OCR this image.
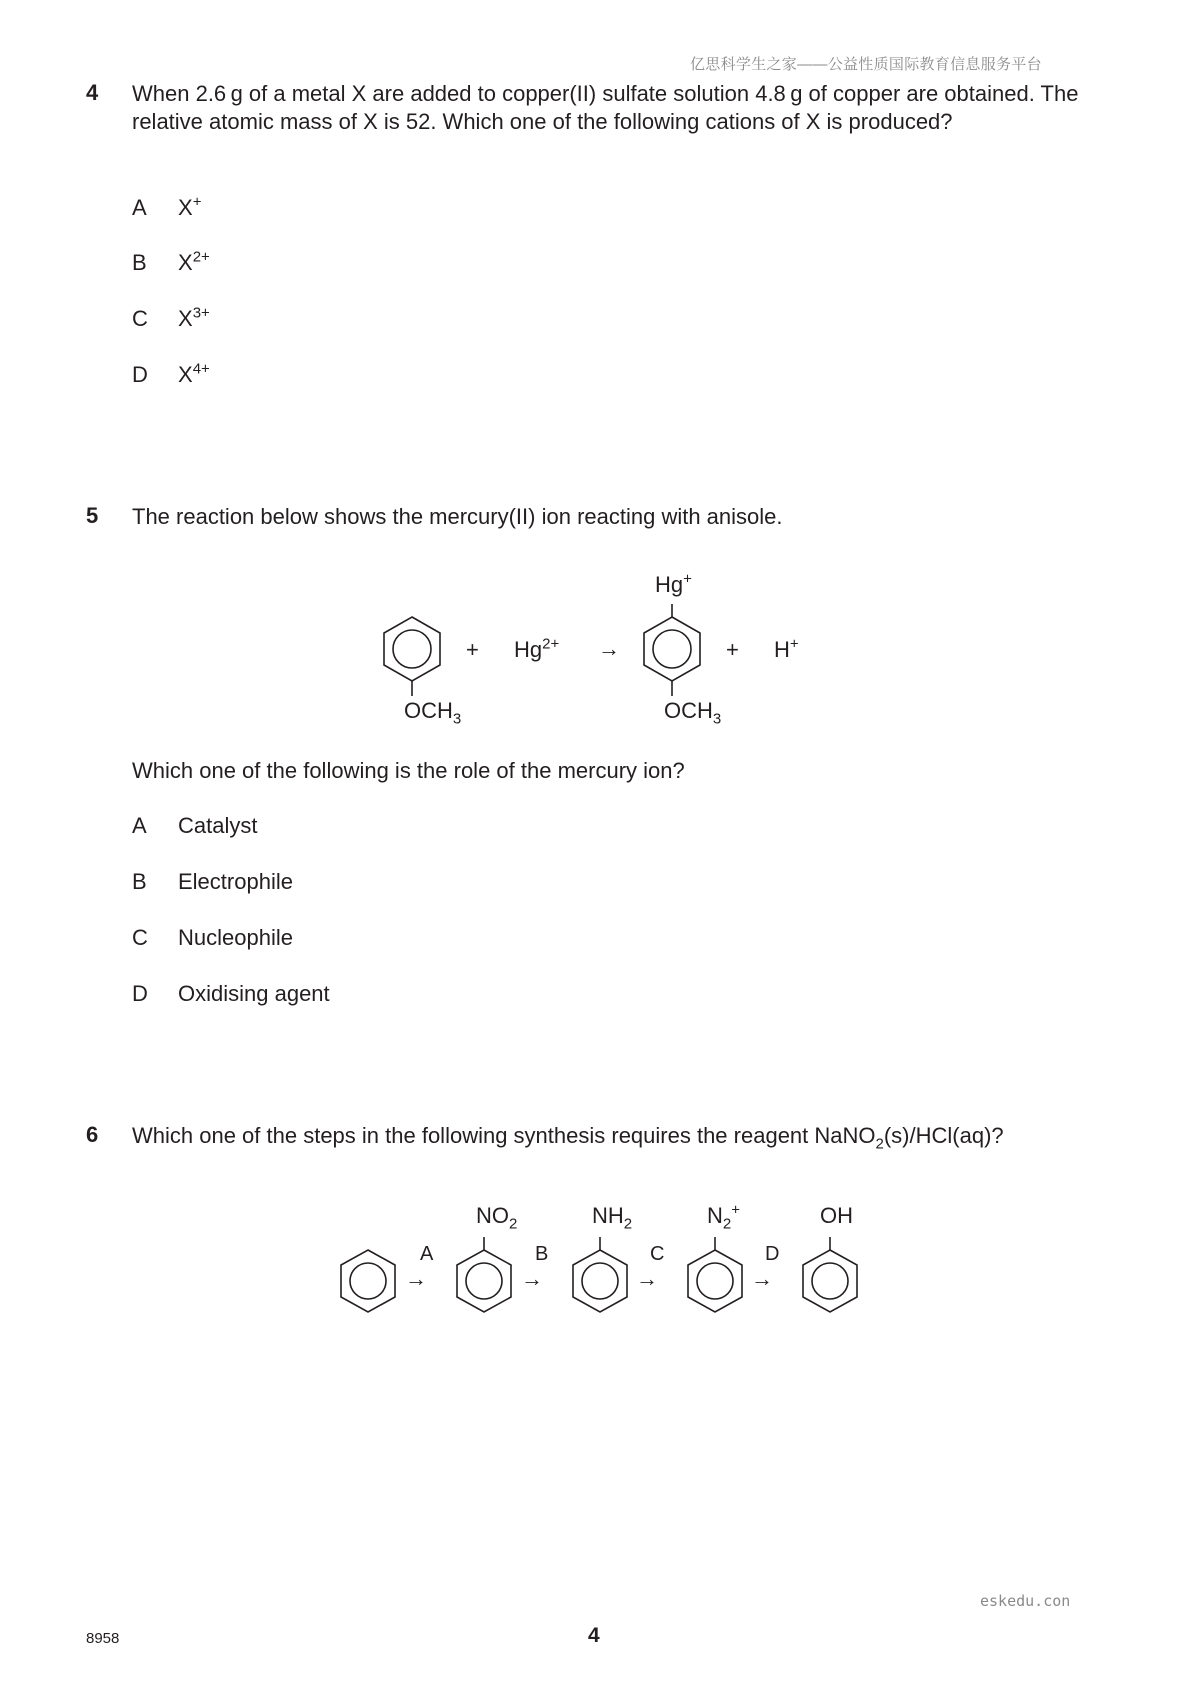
亿思科学生之家——公益性质国际教育信息服务平台
4 When 2.6 g of a metal X are added to copper(II) sulfate solution 4.8 g of copper are obtained. The relative atomic mass of X is 52. Which one of the following cations of X is produced?
A X+
B $X^{2+}$
C $X^{3+}$
D $X^{4+}$
5 The reaction below shows the mercury(II) ion reacting with anisole.
+ $Hg^{2+}$ →	+ H+
Hg+
$OCH_3$	$OCH_3$
Which one of the following is the role of the mercury ion?
A Catalyst
B Electrophile
C Nucleophile
D Oxidising agent
6 Which one of the steps in the following synthesis requires the reagent NaNO$_2$(s)/HCl(aq)?
→	→	→	→
A	B	C	D
$NO_2$	$NH_2$	$N_2^+$	OH
eskedu.con
8958	4
